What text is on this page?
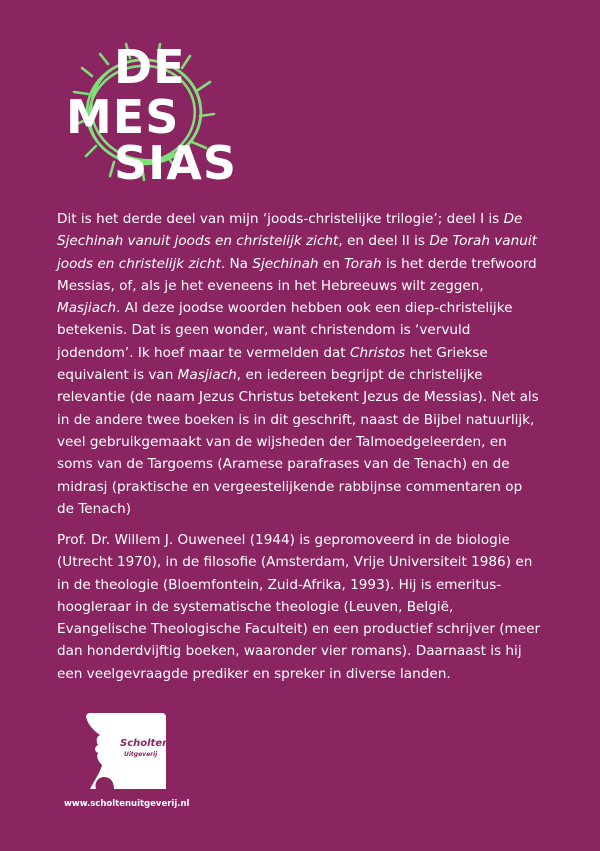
DE
MES
SIAS
Dit is het derde deel van mijn ‘joods-christelijke trilogie’; deel I is De Sjechinah vanuit joods en christelijk zicht, en deel II is De Torah vanuit joods en christelijk zicht. Na Sjechinah en Torah is het derde trefwoord Messias, of, als je het eveneens in het Hebreeuws wilt zeggen, Masjiach. Al deze joodse woorden hebben ook een diep-christelijke betekenis. Dat is geen wonder, want christendom is ‘vervuld jodendom’. Ik hoef maar te vermelden dat Christos het Griekse equivalent is van Masjiach, en iedereen begrijpt de christelijke relevantie (de naam Jezus Christus betekent Jezus de Messias). Net als in de andere twee boeken is in dit geschrift, naast de Bijbel natuurlijk, veel gebruikgemaakt van de wijsheden der Talmoedgeleerden, en soms van de Targoems (Aramese parafrases van de Tenach) en de midrasj (praktische en vergeestelijkende rabbijnse commentaren op de Tenach)
Prof. Dr. Willem J. Ouweneel (1944) is gepromoveerd in de biologie (Utrecht 1970), in de filosofie (Amsterdam, Vrije Universiteit 1986) en in de theologie (Bloemfontein, Zuid-Afrika, 1993). Hij is emeritus-hoogleraar in de systematische theologie (Leuven, België, Evangelische Theologische Faculteit) en een productief schrijver (meer dan honderdvijftig boeken, waaronder vier romans). Daarnaast is hij een veelgevraagde prediker en spreker in diverse landen.
Scholten
Uitgeverij
www.scholtenuitgeverij.nl
